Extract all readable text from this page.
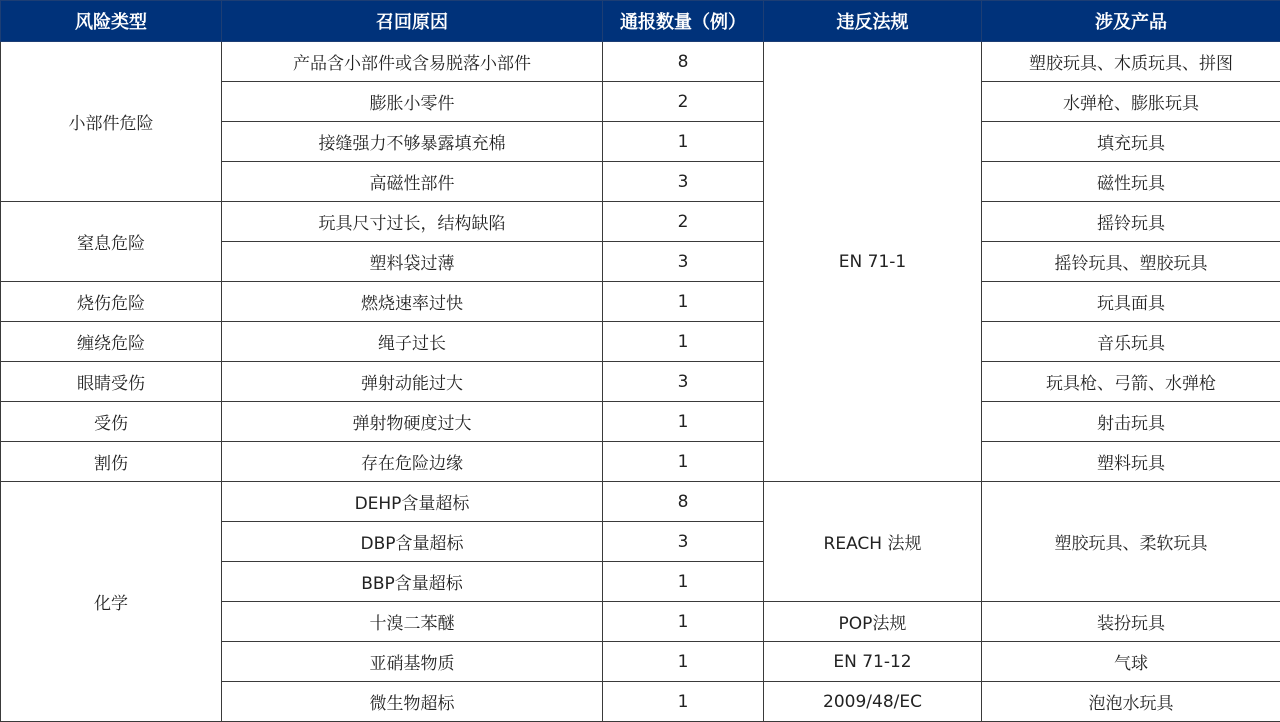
风险类型	召回原因	通报数量（例）	违反法规	涉及产品
小部件危险	产品含小部件或含易脱落小部件	8	EN 71-1	塑胶玩具、木质玩具、拼图
	膨胀小零件	2		水弹枪、膨胀玩具
	接缝强力不够暴露填充棉	1		填充玩具
	高磁性部件	3		磁性玩具
窒息危险	玩具尺寸过长，结构缺陷	2		摇铃玩具
	塑料袋过薄	3		摇铃玩具、塑胶玩具
烧伤危险	燃烧速率过快	1		玩具面具
缠绕危险	绳子过长	1		音乐玩具
眼睛受伤	弹射动能过大	3		玩具枪、弓箭、水弹枪
受伤	弹射物硬度过大	1		射击玩具
割伤	存在危险边缘	1		塑料玩具
化学	DEHP含量超标	8	REACH 法规	塑胶玩具、柔软玩具
	DBP含量超标	3		
	BBP含量超标	1		
	十溴二苯醚	1	POP法规	装扮玩具
	亚硝基物质	1	EN 71-12	气球
	微生物超标	1	2009/48/EC	泡泡水玩具
